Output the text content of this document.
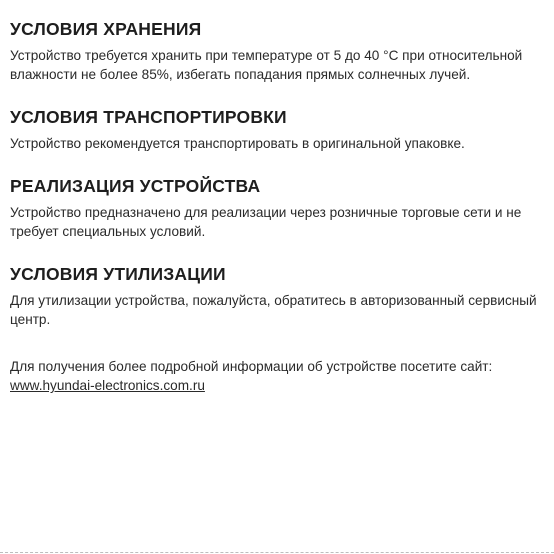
УСЛОВИЯ ХРАНЕНИЯ

Устройство требуется хранить при температуре от 5 до 40 °С при относительной влажности не более 85%, избегать попадания прямых солнечных лучей.

УСЛОВИЯ ТРАНСПОРТИРОВКИ

Устройство рекомендуется транспортировать в оригинальной упаковке.

РЕАЛИЗАЦИЯ УСТРОЙСТВА

Устройство предназначено для реализации через розничные торговые сети и не требует специальных условий.

УСЛОВИЯ УТИЛИЗАЦИИ

Для утилизации устройства, пожалуйста, обратитесь в авторизованный сервисный центр.

Для получения более подробной информации об устройстве посетите сайт: www.hyundai-electronics.com.ru
